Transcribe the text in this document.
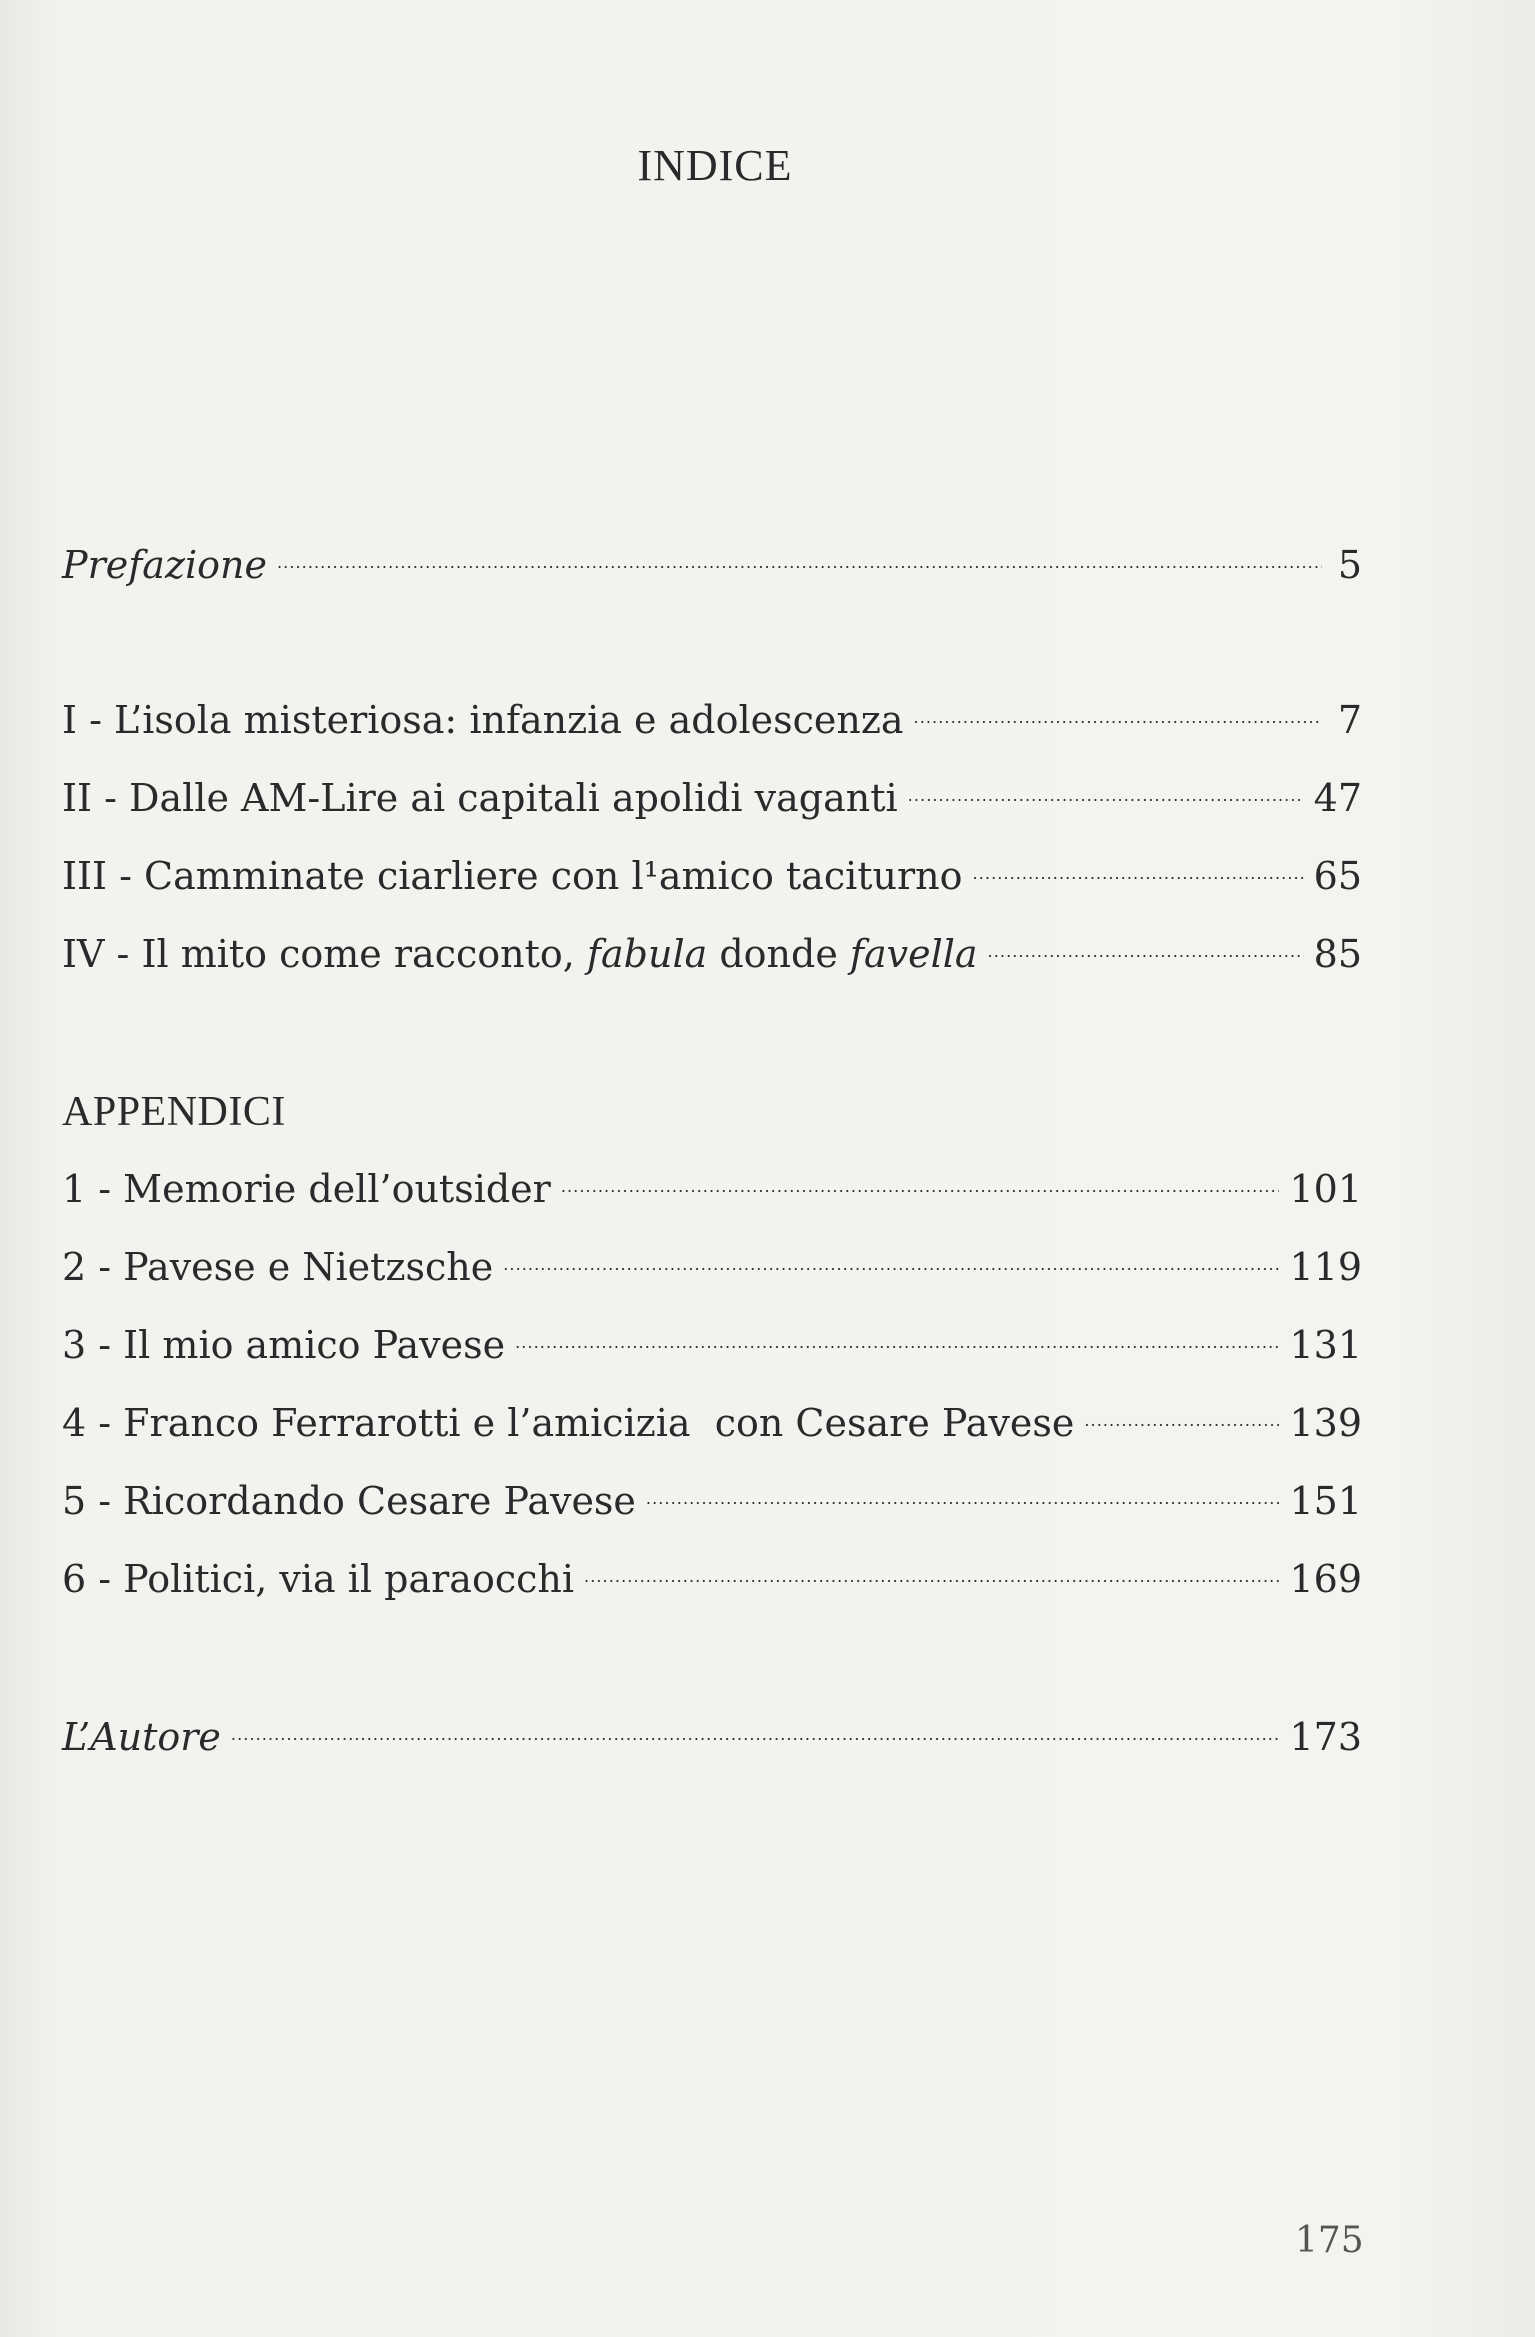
INDICE
Prefazione . . .	5
I - L’isola misteriosa: infanzia e adolescenza . . .	7
II - Dalle AM-Lire ai capitali apolidi vaganti . . .	47
III - Camminate ciarliere con l¹amico taciturno . . .	65
IV - Il mito come racconto, fabula donde favella . . .	85
APPENDICI
1 - Memorie dell’outsider . . .	101
2 - Pavese e Nietzsche . . .	119
3 - Il mio amico Pavese . . .	131
4 - Franco Ferrarotti e l’amicizia  con Cesare Pavese . . .	139
5 - Ricordando Cesare Pavese . . .	151
6 - Politici, via il paraocchi . . .	169
L’Autore . . .	173
175
